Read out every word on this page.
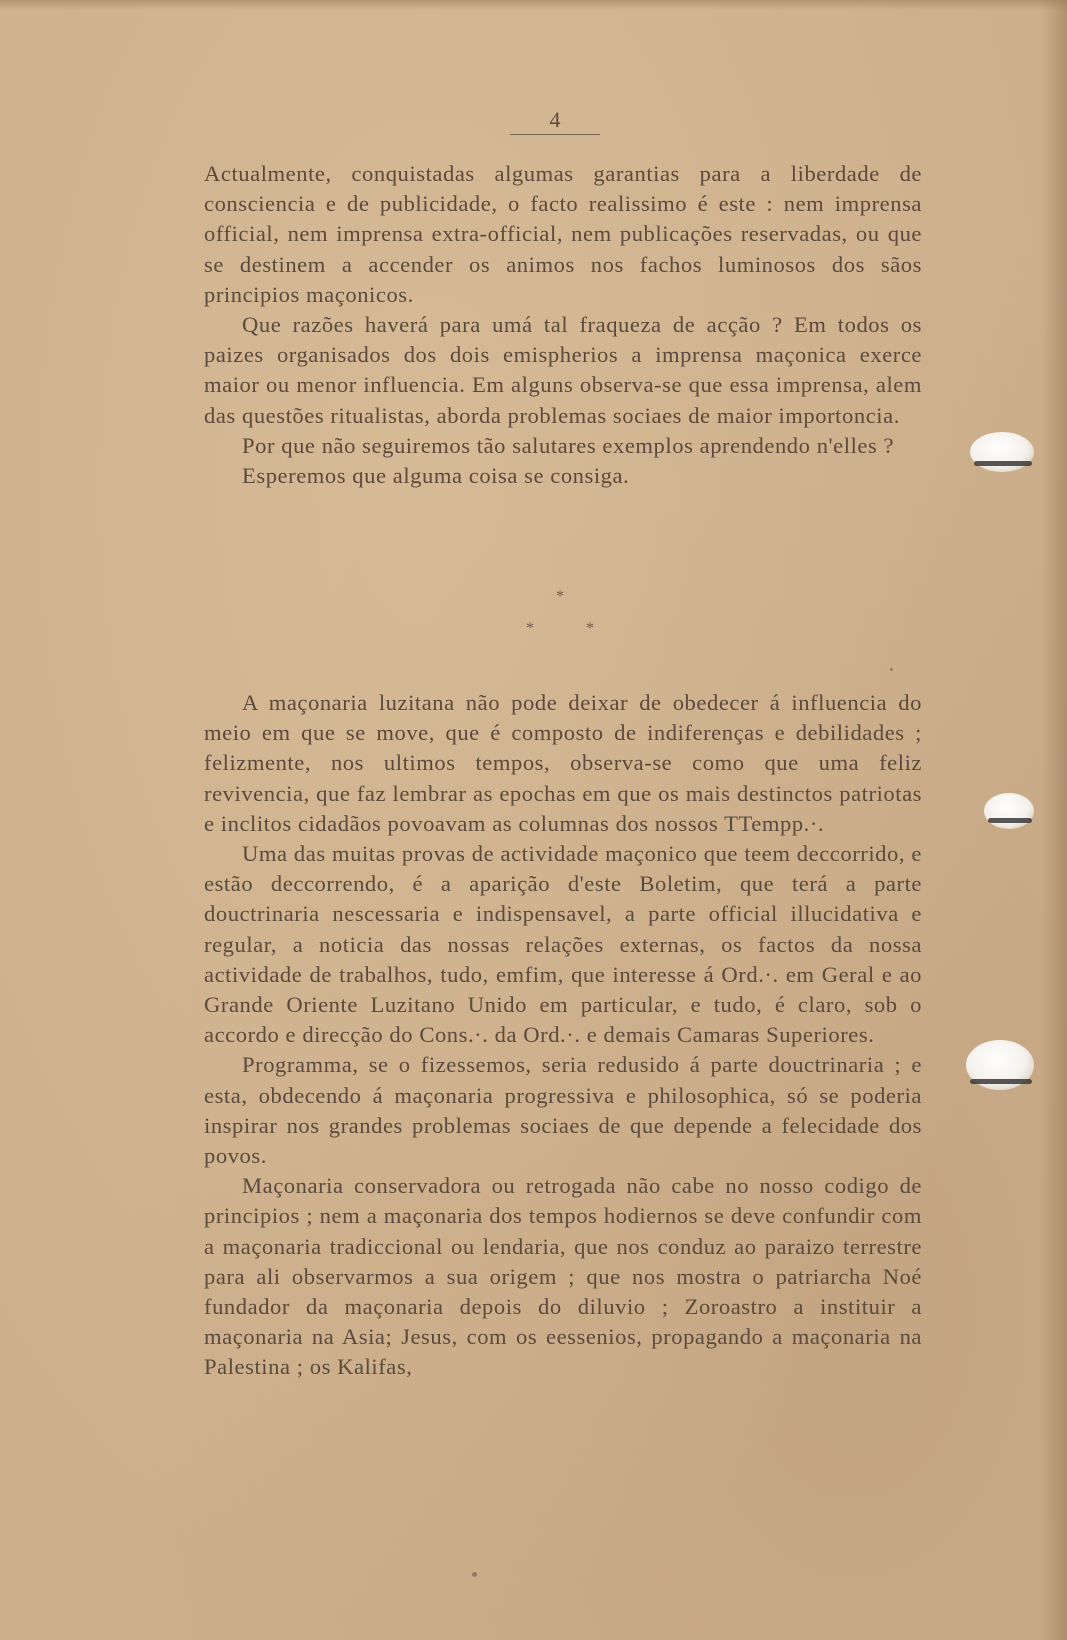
4

Actualmente, conquistadas algumas garantias para a liberdade de consciencia e de publicidade, o facto realissimo é este : nem imprensa official, nem imprensa extra-official, nem publicações reservadas, ou que se destinem a accender os animos nos fachos luminosos dos sãos principios maçonicos.

Que razões haverá para umá tal fraqueza de acção ? Em todos os paizes organisados dos dois emispherios a imprensa maçonica exerce maior ou menor influencia. Em alguns observa-se que essa imprensa, alem das questões ritualistas, aborda problemas sociaes de maior importoncia.

Por que não seguiremos tão salutares exemplos aprendendo n'elles ?

Esperemos que alguma coisa se consiga.

*
*	*

A maçonaria luzitana não pode deixar de obedecer á influencia do meio em que se move, que é composto de indiferenças e debilidades ; felizmente, nos ultimos tempos, observa-se como que uma feliz revivencia, que faz lembrar as epochas em que os mais destinctos patriotas e inclitos cidadãos povoavam as columnas dos nossos TTempp.·.

Uma das muitas provas de actividade maçonico que teem deccorrido, e estão deccorrendo, é a aparição d'este Boletim, que terá a parte douctrinaria nescessaria e indispensavel, a parte official illucidativa e regular, a noticia das nossas relações externas, os factos da nossa actividade de trabalhos, tudo, emfim, que interesse á Ord.·. em Geral e ao Grande Oriente Luzitano Unido em particular, e tudo, é claro, sob o accordo e direcção do Cons.·. da Ord.·. e demais Camaras Superiores.

Programma, se o fizessemos, seria redusido á parte douctrinaria ; e esta, obdecendo á maçonaria progressiva e philosophica, só se poderia inspirar nos grandes problemas sociaes de que depende a felecidade dos povos.

Maçonaria conservadora ou retrogada não cabe no nosso codigo de principios ; nem a maçonaria dos tempos hodiernos se deve confundir com a maçonaria tradiccional ou lendaria, que nos conduz ao paraizo terrestre para ali observarmos a sua origem ; que nos mostra o patriarcha Noé fundador da maçonaria depois do diluvio ; Zoroastro a instituir a maçonaria na Asia; Jesus, com os eessenios, propagando a maçonaria na Palestina ; os Kalifas,
